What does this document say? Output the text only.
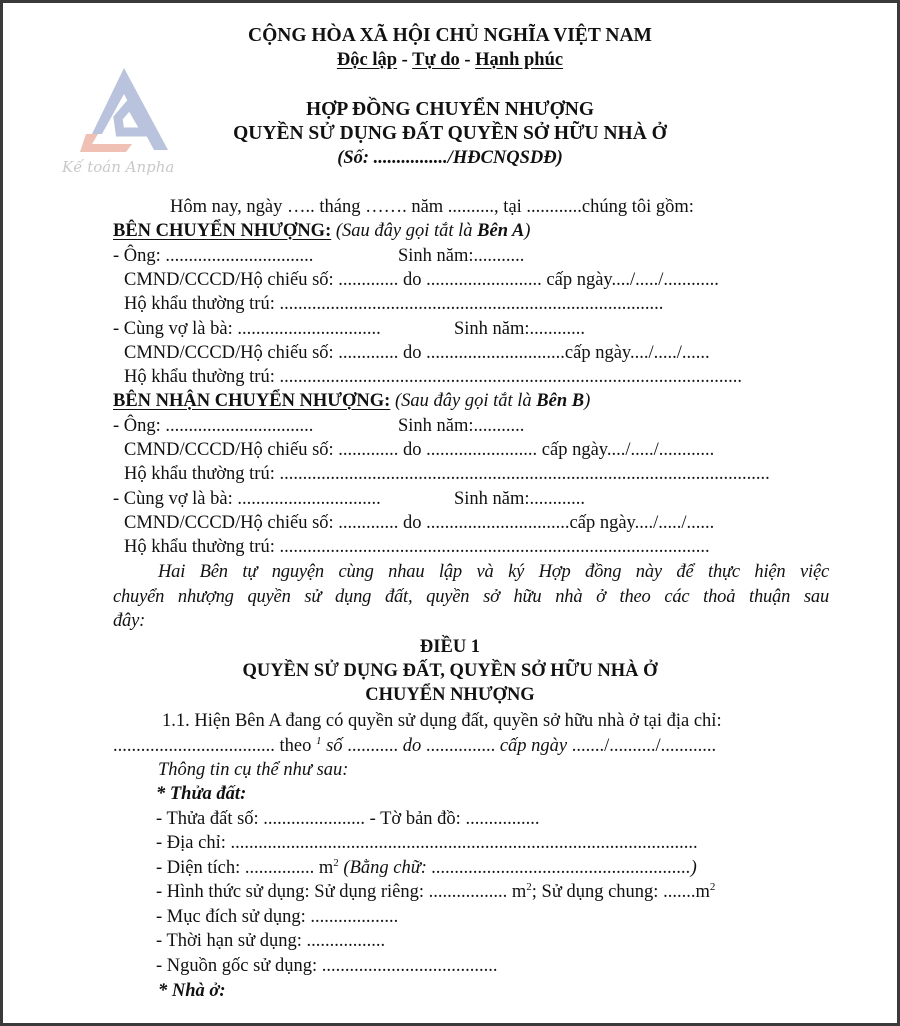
Kế toán Anpha
CỘNG HÒA XÃ HỘI CHỦ NGHĨA VIỆT NAM
Độc lập - Tự do - Hạnh phúc
HỢP ĐỒNG CHUYỂN NHƯỢNG
QUYỀN SỬ DỤNG ĐẤT QUYỀN SỞ HỮU NHÀ Ở
(Số: ................/HĐCNQSDĐ)
Hôm nay, ngày ….. tháng ……. năm .........., tại ............chúng tôi gồm:
BÊN CHUYỂN NHƯỢNG: (Sau đây gọi tắt là Bên A)
- Ông: ................................	Sinh năm:...........
CMND/CCCD/Hộ chiếu số: ............. do ......................... cấp ngày..../...../............
Hộ khẩu thường trú: ...................................................................................
- Cùng vợ là bà: ...............................	Sinh năm:............
CMND/CCCD/Hộ chiếu số: ............. do ..............................cấp ngày..../...../......
Hộ khẩu thường trú: ....................................................................................................
BÊN NHẬN CHUYỂN NHƯỢNG: (Sau đây gọi tắt là Bên B)
- Ông: ................................	Sinh năm:...........
CMND/CCCD/Hộ chiếu số: ............. do ........................ cấp ngày..../...../............
Hộ khẩu thường trú: ..........................................................................................................
- Cùng vợ là bà: ...............................	Sinh năm:............
CMND/CCCD/Hộ chiếu số: ............. do ...............................cấp ngày..../...../......
Hộ khẩu thường trú: .............................................................................................
Hai Bên tự nguyện cùng nhau lập và ký Hợp đồng này để thực hiện việc
chuyển nhượng quyền sử dụng đất, quyền sở hữu nhà ở theo các thoả thuận sau
đây:
ĐIỀU 1
QUYỀN SỬ DỤNG ĐẤT, QUYỀN SỞ HỮU NHÀ Ở
CHUYỂN NHƯỢNG
1.1. Hiện Bên A đang có quyền sử dụng đất, quyền sở hữu nhà ở tại địa chỉ:
................................... theo $^1$ số ........... do ............... cấp ngày ......./........../............
Thông tin cụ thể như sau:
* Thửa đất:
- Thửa đất số: ...................... - Tờ bản đồ: ................
- Địa chỉ: .....................................................................................................
- Diện tích: ............... $m^2$ (Bằng chữ: ........................................................)
- Hình thức sử dụng: Sử dụng riêng: ................. $m^2$; Sử dụng chung: $.......m^2$
- Mục đích sử dụng: ...................
- Thời hạn sử dụng: .................
- Nguồn gốc sử dụng: ......................................
* Nhà ở:
